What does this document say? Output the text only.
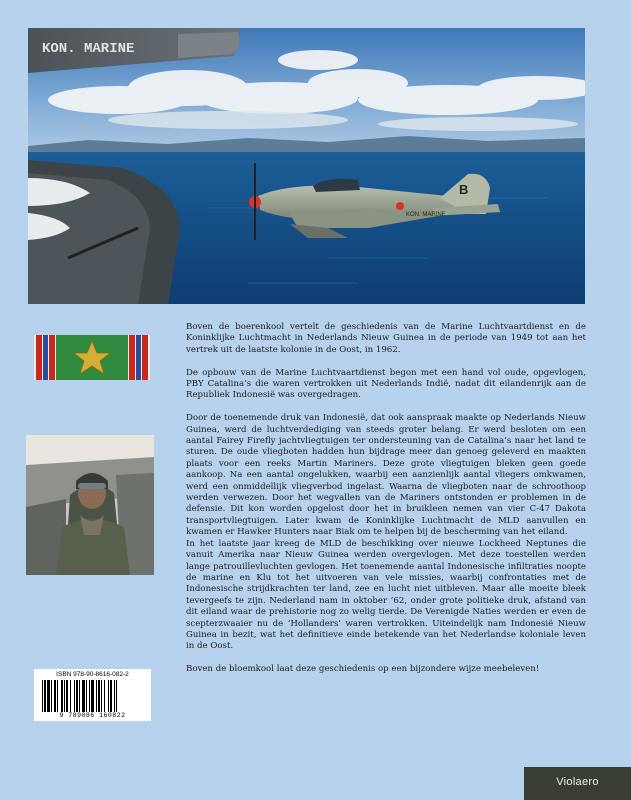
KON. MARINE
B
KON. MARINE
ISBN 978-90-8616-082-2
9 789086 160822

Boven de boerenkool vertelt de geschiedenis van de Marine Luchtvaartdienst en de Koninklijke Luchtmacht in Nederlands Nieuw Guinea in de periode van 1949 tot aan het vertrek uit de laatste kolonie in de Oost, in 1962.

De opbouw van de Marine Luchtvaartdienst begon met een hand vol oude, opgevlogen, PBY Catalina’s die waren vertrokken uit Nederlands Indië, nadat dit eilandenrijk aan de Republiek Indonesië was overgedragen.

Door de toenemende druk van Indonesië, dat ook aanspraak maakte op Nederlands Nieuw Guinea, werd de luchtverdediging van steeds groter belang. Er werd besloten om een aantal Fairey Firefly jachtvliegtuigen ter ondersteuning van de Catalina’s naar het land te sturen. De oude vliegboten hadden hun bijdrage meer dan genoeg geleverd en maakten plaats voor een reeks Martin Mariners. Deze grote vliegtuigen bleken geen goede aankoop. Na een aantal ongelukken, waarbij een aanzienlijk aantal vliegers omkwamen, werd een onmiddellijk vliegverbod ingelast. Waarna de vliegboten naar de schroothoop werden verwezen. Door het wegvallen van de Mariners ontstonden er problemen in de defensie. Dit kon worden opgelost door het in bruikleen nemen van vier C-47 Dakota transportvliegtuigen. Later kwam de Koninklijke Luchtmacht de MLD aanvullen en kwamen er Hawker Hunters naar Biak om te helpen bij de bescherming van het eiland.

In het laatste jaar kreeg de MLD de beschikking over nieuwe Lockheed Neptunes die vanuit Amerika naar Nieuw Guinea werden overgevlogen. Met deze toestellen werden lange patrouillevluchten gevlogen. Het toenemende aantal Indonesische infiltraties noopte de marine en Klu tot het uitvoeren van vele missies, waarbij confrontaties met de Indonesische strijdkrachten ter land, zee en lucht niet uitbleven. Maar alle moeite bleek tevergeefs te zijn. Nederland nam in oktober ’62, onder grote politieke druk, afstand van dit eiland waar de prehistorie nog zo welig tierde. De Verenigde Naties werden er even de scepterzwaaier nu de ‘Hollanders’ waren vertrokken. Uiteindelijk nam Indonesië Nieuw Guinea in bezit, wat het definitieve einde betekende van het Nederlandse koloniale leven in de Oost.

Boven de bloemkool laat deze geschiedenis op een bijzondere wijze meebeleven!

Violaero
